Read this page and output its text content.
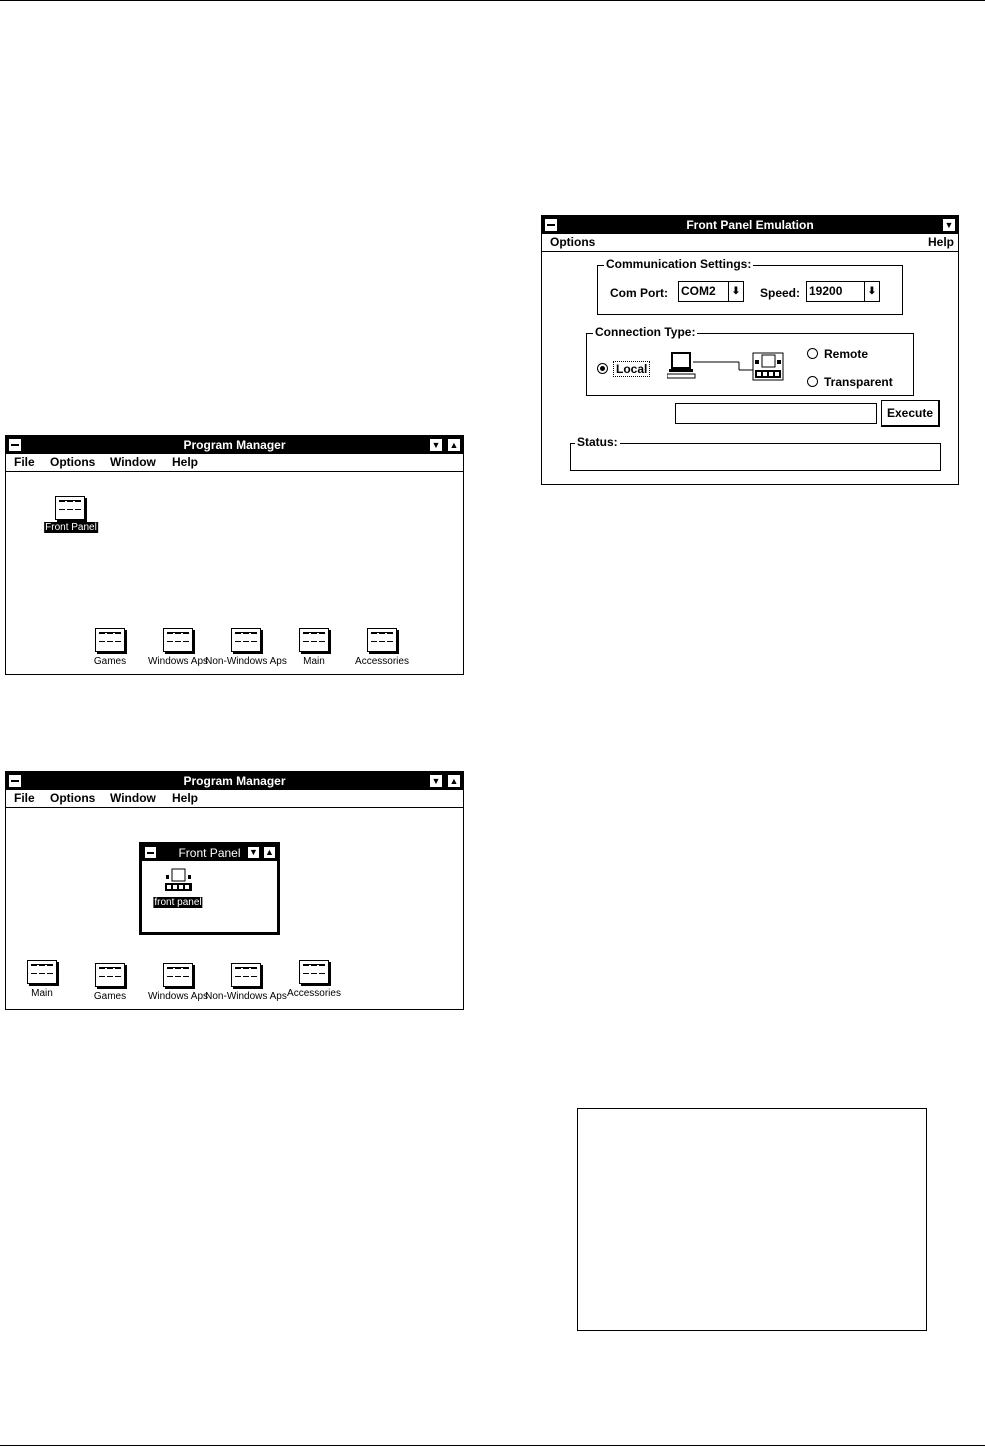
Front Panel Emulation	▼
Options	Help
Communication Settings:
Com Port: COM2	⬇ Speed: 19200	⬇
Connection Type:
Local
Remote
Transparent
Execute
Status:
Program Manager	▼ ▲
File Options Window Help
Front Panel
Games Windows Aps
Non-Windows Aps Main	Accessories
Program Manager	▼ ▲
File Options Window Help
Front Panel ▼ ▲
front panel
Main	Games Windows Aps
Non-Windows Aps Accessories
